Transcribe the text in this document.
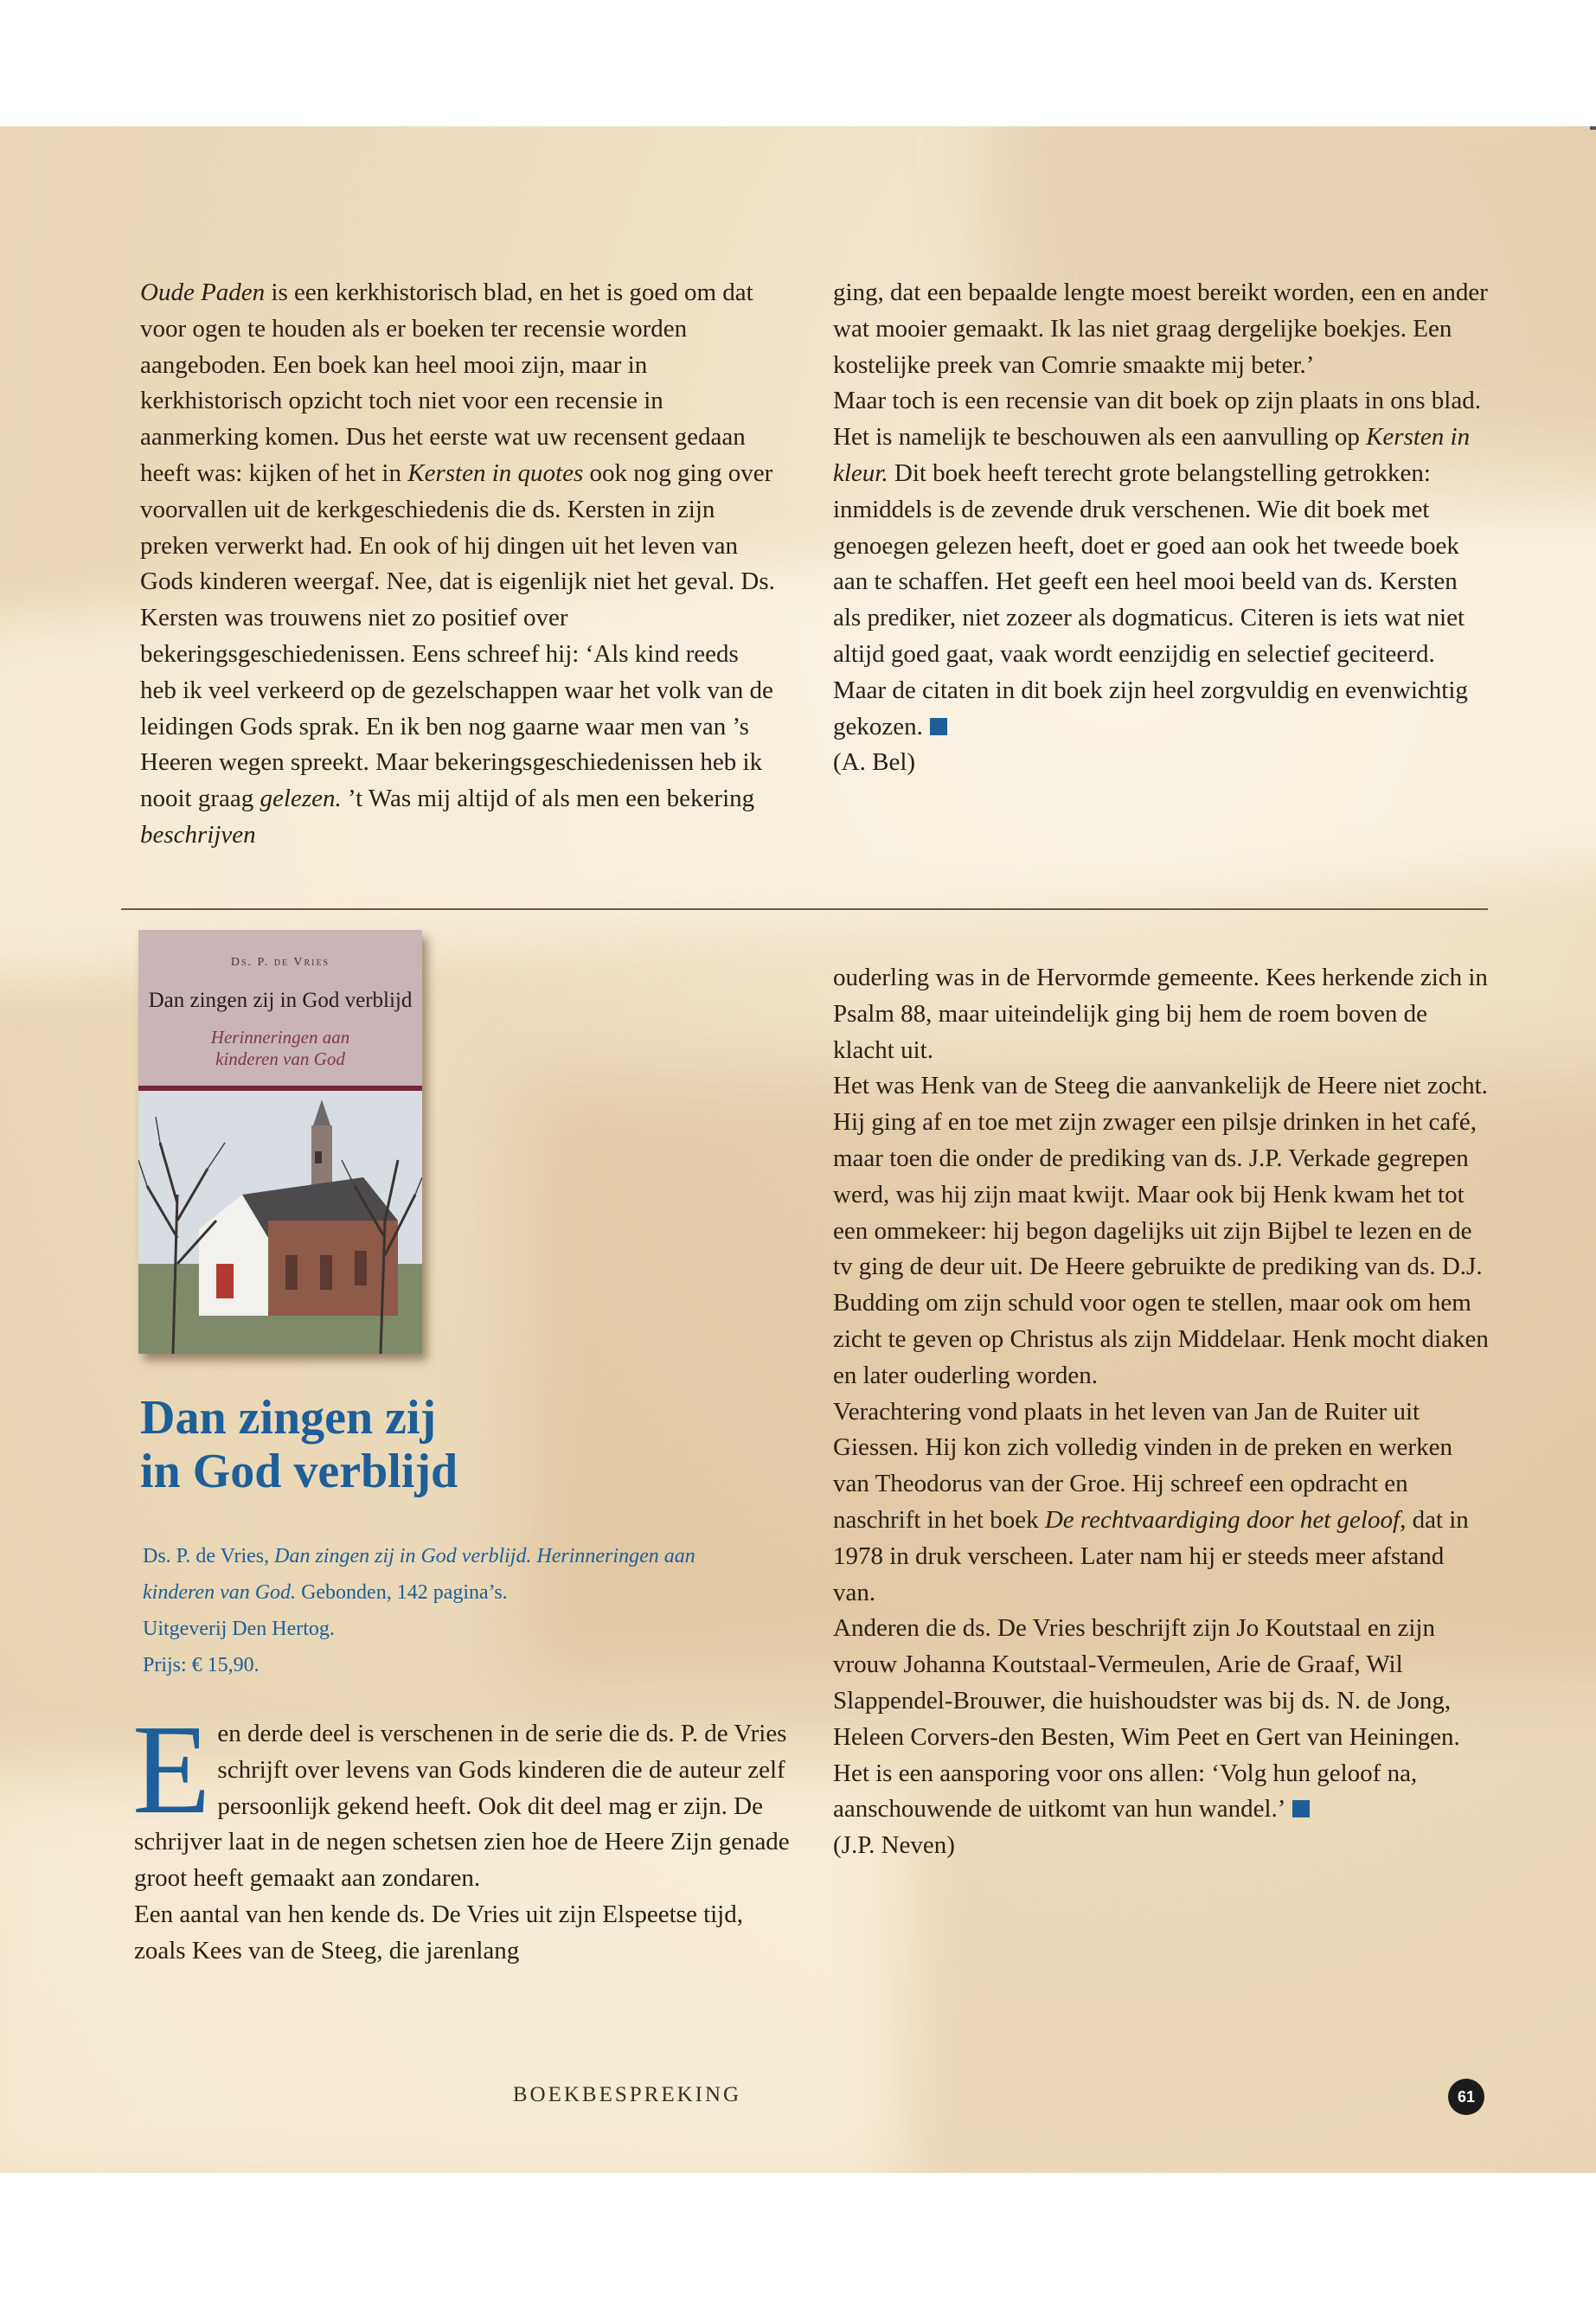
Oude Paden is een kerkhistorisch blad, en het is goed om dat voor ogen te houden als er boeken ter recensie worden aangeboden. Een boek kan heel mooi zijn, maar in kerkhistorisch opzicht toch niet voor een recensie in aanmerking komen. Dus het eerste wat uw recensent gedaan heeft was: kijken of het in Kersten in quotes ook nog ging over voorvallen uit de kerkgeschiedenis die ds. Kersten in zijn preken verwerkt had. En ook of hij dingen uit het leven van Gods kinderen weergaf. Nee, dat is eigenlijk niet het geval. Ds. Kersten was trouwens niet zo positief over bekeringsgeschiedenissen. Eens schreef hij: ‘Als kind reeds heb ik veel verkeerd op de gezelschappen waar het volk van de leidingen Gods sprak. En ik ben nog gaarne waar men van ’s Heeren wegen spreekt. Maar bekeringsgeschiedenissen heb ik nooit graag gelezen. ’t Was mij altijd of als men een bekering beschrijven

ging, dat een bepaalde lengte moest bereikt worden, een en ander wat mooier gemaakt. Ik las niet graag dergelijke boekjes. Een kostelijke preek van Comrie smaakte mij beter.’

Maar toch is een recensie van dit boek op zijn plaats in ons blad. Het is namelijk te beschouwen als een aanvulling op Kersten in kleur. Dit boek heeft terecht grote belangstelling getrokken: inmiddels is de zevende druk verschenen. Wie dit boek met genoegen gelezen heeft, doet er goed aan ook het tweede boek aan te schaffen. Het geeft een heel mooi beeld van ds. Kersten als prediker, niet zozeer als dogmaticus. Citeren is iets wat niet altijd goed gaat, vaak wordt eenzijdig en selectief geciteerd. Maar de citaten in dit boek zijn heel zorgvuldig en evenwichtig gekozen.

(A. Bel)

Ds. P. de Vries
Dan zingen zij in God verblijd
Herinneringen aan
kinderen van God
Dan zingen zij
in God verblijd

Ds. P. de Vries, Dan zingen zij in God verblijd. Herinneringen aan

kinderen van God. Gebonden, 142 pagina’s.

Uitgeverij Den Hertog.

Prijs: € 15,90.

Een derde deel is verschenen in de serie die ds. P. de Vries schrijft over levens van Gods kinderen die de auteur zelf persoonlijk gekend heeft. Ook dit deel mag er zijn. De schrijver laat in de negen schetsen zien hoe de Heere Zijn genade groot heeft gemaakt aan zondaren.

Een aantal van hen kende ds. De Vries uit zijn Elspeetse tijd, zoals Kees van de Steeg, die jarenlang

ouderling was in de Hervormde gemeente. Kees herkende zich in Psalm 88, maar uiteindelijk ging bij hem de roem boven de klacht uit.

Het was Henk van de Steeg die aanvankelijk de Heere niet zocht. Hij ging af en toe met zijn zwager een pilsje drinken in het café, maar toen die onder de prediking van ds. J.P. Verkade gegrepen werd, was hij zijn maat kwijt. Maar ook bij Henk kwam het tot een ommekeer: hij begon dagelijks uit zijn Bijbel te lezen en de tv ging de deur uit. De Heere gebruikte de prediking van ds. D.J. Budding om zijn schuld voor ogen te stellen, maar ook om hem zicht te geven op Christus als zijn Middelaar. Henk mocht diaken en later ouderling worden.

Verachtering vond plaats in het leven van Jan de Ruiter uit Giessen. Hij kon zich volledig vinden in de preken en werken van Theodorus van der Groe. Hij schreef een opdracht en naschrift in het boek De rechtvaardiging door het geloof, dat in 1978 in druk verscheen. Later nam hij er steeds meer afstand van.

Anderen die ds. De Vries beschrijft zijn Jo Koutstaal en zijn vrouw Johanna Koutstaal-Vermeulen, Arie de Graaf, Wil Slappendel-Brouwer, die huishoudster was bij ds. N. de Jong, Heleen Corvers-den Besten, Wim Peet en Gert van Heiningen. Het is een aansporing voor ons allen: ‘Volg hun geloof na, aanschouwende de uitkomt van hun wandel.’

(J.P. Neven)

BOEKBESPREKING	61
